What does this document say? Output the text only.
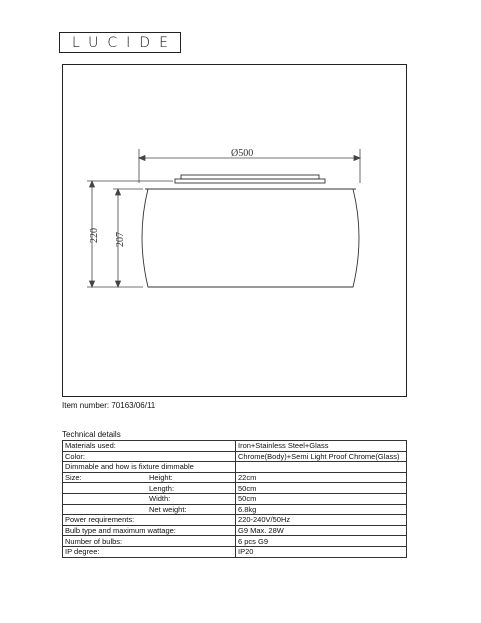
LUCIDE
Ø500
220 207
Item number: 70163/06/11
Technical details
Materials used:	Iron+Stainless Steel+Glass

Color:	Chrome(Body)+Semi Light Proof Chrome(Glass)

Dimmable and how is fixture dimmable	

Size: Height:	22cm

Length:	50cm

Width:	50cm

Net weight:	6.8kg

Power requirements:	220-240V/50Hz

Bulb type and maximum wattage:	G9 Max. 28W

Number of bulbs:	6 pcs G9

IP degree:	IP20
